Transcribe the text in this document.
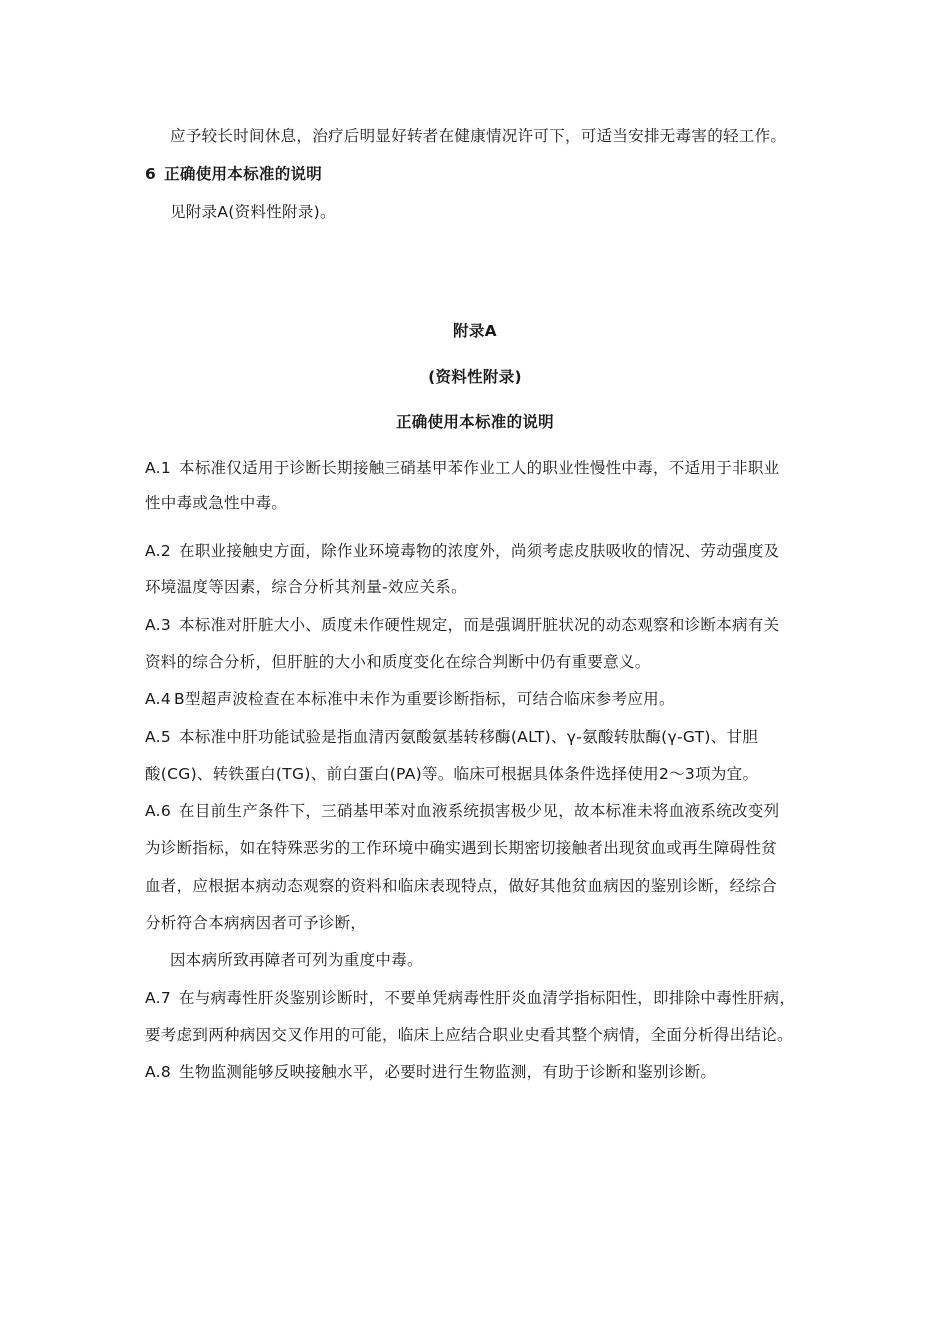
应予较长时间休息，治疗后明显好转者在健康情况许可下，可适当安排无毒害的轻工作。
6 正确使用本标准的说明
见附录A(资料性附录)。
附录A
(资料性附录)
正确使用本标准的说明
A.1 本标准仅适用于诊断长期接触三硝基甲苯作业工人的职业性慢性中毒，不适用于非职业
性中毒或急性中毒。
A.2 在职业接触史方面，除作业环境毒物的浓度外，尚须考虑皮肤吸收的情况、劳动强度及
环境温度等因素，综合分析其剂量-效应关系。
A.3 本标准对肝脏大小、质度未作硬性规定，而是强调肝脏状况的动态观察和诊断本病有关
资料的综合分析，但肝脏的大小和质度变化在综合判断中仍有重要意义。
A.4 B型超声波检查在本标准中未作为重要诊断指标，可结合临床参考应用。
A.5 本标准中肝功能试验是指血清丙氨酸氨基转移酶(ALT)、γ-氨酸转肽酶(γ-GT)、甘胆
酸(CG)、转铁蛋白(TG)、前白蛋白(PA)等。临床可根据具体条件选择使用2～3项为宜。
A.6 在目前生产条件下，三硝基甲苯对血液系统损害极少见，故本标准未将血液系统改变列
为诊断指标，如在特殊恶劣的工作环境中确实遇到长期密切接触者出现贫血或再生障碍性贫
血者，应根据本病动态观察的资料和临床表现特点，做好其他贫血病因的鉴别诊断，经综合
分析符合本病病因者可予诊断，
因本病所致再障者可列为重度中毒。
A.7 在与病毒性肝炎鉴别诊断时，不要单凭病毒性肝炎血清学指标阳性，即排除中毒性肝病，
要考虑到两种病因交叉作用的可能，临床上应结合职业史看其整个病情，全面分析得出结论。
A.8 生物监测能够反映接触水平，必要时进行生物监测，有助于诊断和鉴别诊断。
